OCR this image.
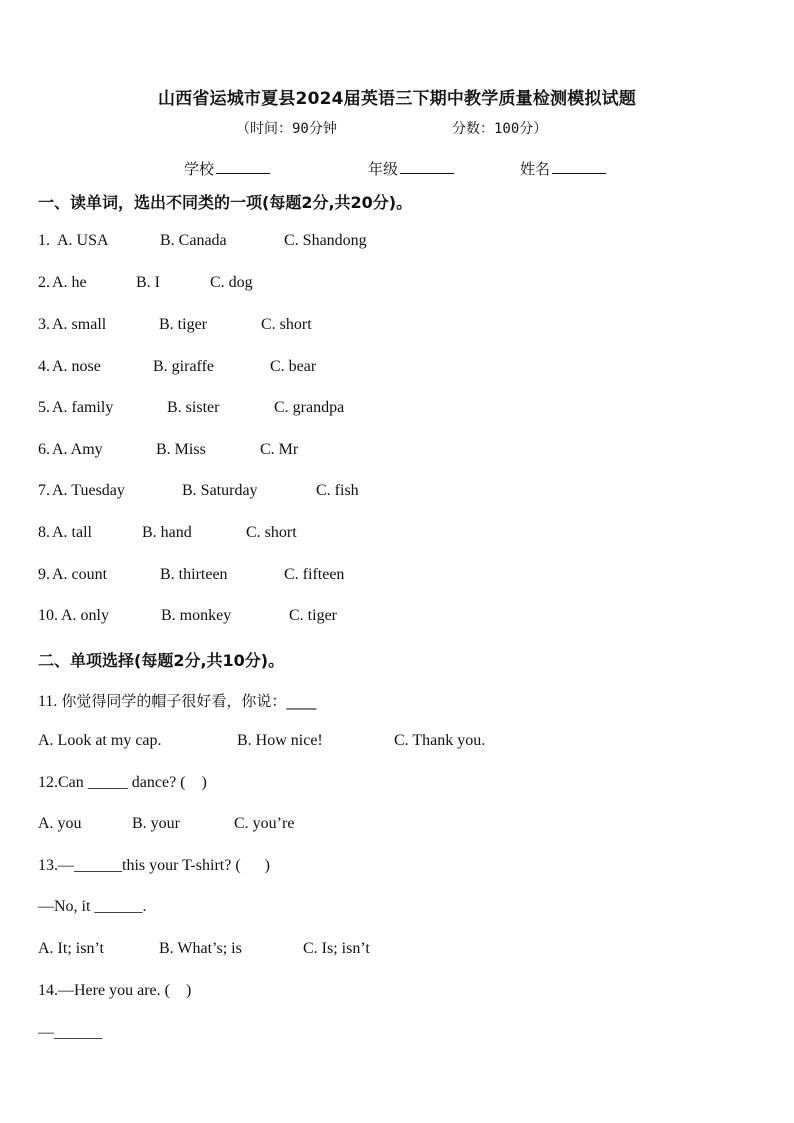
山西省运城市夏县2024届英语三下期中教学质量检测模拟试题
（时间：90分钟	分数：100分）
学校	年级	姓名
一、读单词，选出不同类的一项(每题2分,共20分)。
1. A. USA	B. Canada	C. Shandong
2. A. he	B. I	C. dog
3. A. small	B. tiger	C. short
4. A. nose	B. giraffe	C. bear
5. A. family	B. sister	C. grandpa
6. A. Amy	B. Miss	C. Mr
7. A. Tuesday	B. Saturday	C. fish
8. A. tall	B. hand	C. short
9. A. count	B. thirteen	C. fifteen
10. A. only	B. monkey	C. tiger
二、单项选择(每题2分,共10分)。
11. 你觉得同学的帽子很好看，你说：____
A. Look at my cap.	B. How nice!	C. Thank you.
12.Can _____ dance? (    )
A. you	B. your	C. you’re
13.—______this your T-shirt? (      )
—No, it ______.
A. It; isn’t	B. What’s; is	C. Is; isn’t
14.—Here you are. (    )
—______
